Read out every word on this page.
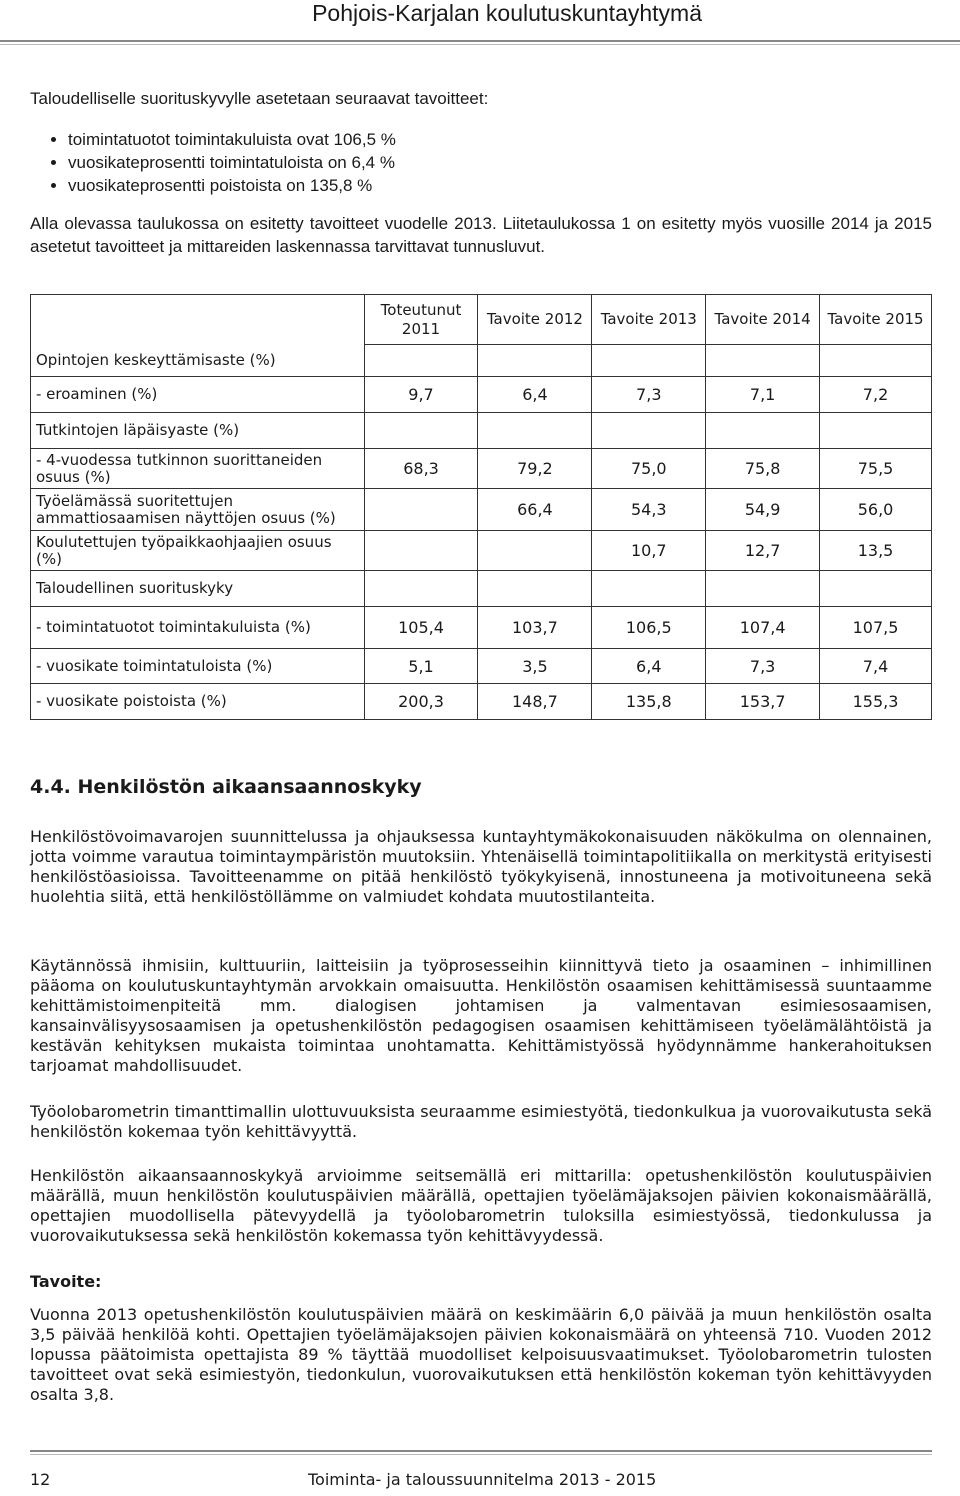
Pohjois-Karjalan koulutuskuntayhtymä

Taloudelliselle suorituskyvylle asetetaan seuraavat tavoitteet:

• toimintatuotot toimintakuluista ovat 106,5 %
• vuosikateprosentti toimintatuloista on 6,4 %
• vuosikateprosentti poistoista on 135,8 %

Alla olevassa taulukossa on esitetty tavoitteet vuodelle 2013. Liitetaulukossa 1 on esitetty myös vuosille 2014 ja 2015 asetetut tavoitteet ja mittareiden laskennassa tarvittavat tunnusluvut.

Opintojen keskeyttämisaste (%)	Toteutunut 2011	Tavoite 2012	Tavoite 2013	Tavoite 2014	Tavoite 2015

- eroaminen (%)	9,7	6,4	7,3	7,1	7,2
Tutkintojen läpäisyaste (%)					
- 4-vuodessa tutkinnon suorittaneiden osuus (%)	68,3	79,2	75,0	75,8	75,5
Työelämässä suoritettujen ammattiosaamisen näyttöjen osuus (%)		66,4	54,3	54,9	56,0
Koulutettujen työpaikkaohjaajien osuus (%)			10,7	12,7	13,5
Taloudellinen suorituskyky					
- toimintatuotot toimintakuluista (%)	105,4	103,7	106,5	107,4	107,5
- vuosikate toimintatuloista (%)	5,1	3,5	6,4	7,3	7,4
- vuosikate poistoista (%)	200,3	148,7	135,8	153,7	155,3
4.4. Henkilöstön aikaansaannoskyky

Henkilöstövoimavarojen suunnittelussa ja ohjauksessa kuntayhtymäkokonaisuuden näkökulma on olennainen, jotta voimme varautua toimintaympäristön muutoksiin. Yhtenäisellä toimintapolitiikalla on merkitystä erityisesti henkilöstöasioissa. Tavoitteenamme on pitää henkilöstö työkykyisenä, innostuneena ja motivoituneena sekä huolehtia siitä, että henkilöstöllämme on valmiudet kohdata muutostilanteita.

Käytännössä ihmisiin, kulttuuriin, laitteisiin ja työprosesseihin kiinnittyvä tieto ja osaaminen – inhimillinen pääoma on koulutuskuntayhtymän arvokkain omaisuutta. Henkilöstön osaamisen kehittämisessä suuntaamme kehittämistoimenpiteitä mm. dialogisen johtamisen ja valmentavan esimiesosaamisen, kansainvälisyysosaamisen ja opetushenkilöstön pedagogisen osaamisen kehittämiseen työelämälähtöistä ja kestävän kehityksen mukaista toimintaa unohtamatta. Kehittämistyössä hyödynnämme hankerahoituksen tarjoamat mahdollisuudet.

Työolobarometrin timanttimallin ulottuvuuksista seuraamme esimiestyötä, tiedonkulkua ja vuorovaikutusta sekä henkilöstön kokemaa työn kehittävyyttä.

Henkilöstön aikaansaannoskykyä arvioimme seitsemällä eri mittarilla: opetushenkilöstön koulutuspäivien määrällä, muun henkilöstön koulutuspäivien määrällä, opettajien työelämäjaksojen päivien kokonaismäärällä, opettajien muodollisella pätevyydellä ja työolobarometrin tuloksilla esimiestyössä, tiedonkulussa ja vuorovaikutuksessa sekä henkilöstön kokemassa työn kehittävyydessä.

Tavoite:

Vuonna 2013 opetushenkilöstön koulutuspäivien määrä on keskimäärin 6,0 päivää ja muun henkilöstön osalta 3,5 päivää henkilöä kohti. Opettajien työelämäjaksojen päivien kokonaismäärä on yhteensä 710. Vuoden 2012 lopussa päätoimista opettajista 89 % täyttää muodolliset kelpoisuusvaatimukset. Työolobarometrin tulosten tavoitteet ovat sekä esimiestyön, tiedonkulun, vuorovaikutuksen että henkilöstön kokeman työn kehittävyyden osalta 3,8.

12	Toiminta- ja taloussuunnitelma 2013 - 2015
